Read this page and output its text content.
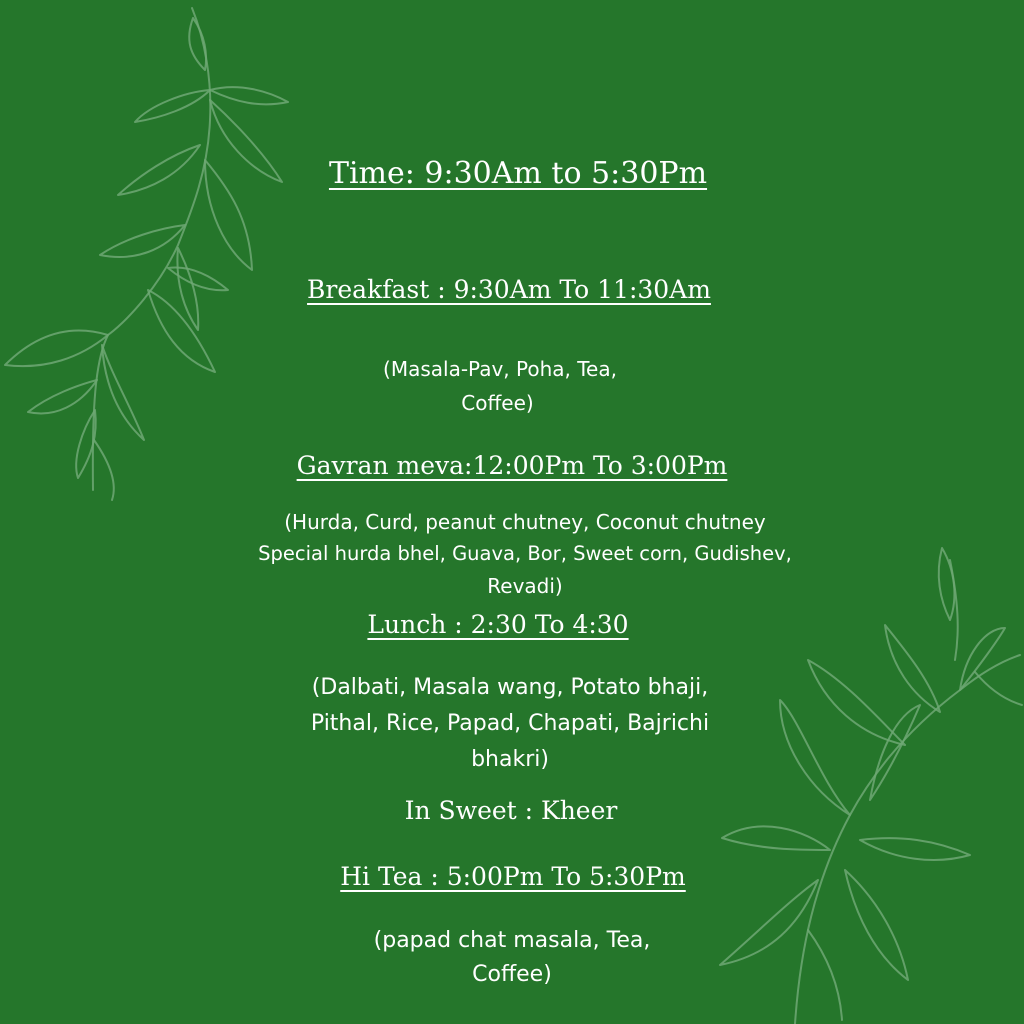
Time: 9:30Am to 5:30Pm
Breakfast : 9:30Am To 11:30Am
(Masala-Pav, Poha, Tea,
Coffee)
Gavran meva:12:00Pm To 3:00Pm
(Hurda, Curd, peanut chutney, Coconut chutney
Special hurda bhel, Guava, Bor, Sweet corn, Gudishev,
Revadi)
Lunch : 2:30 To 4:30
(Dalbati, Masala wang, Potato bhaji,
Pithal, Rice, Papad, Chapati, Bajrichi
bhakri)
In Sweet : Kheer
Hi Tea : 5:00Pm To 5:30Pm
(papad chat masala, Tea,
Coffee)
